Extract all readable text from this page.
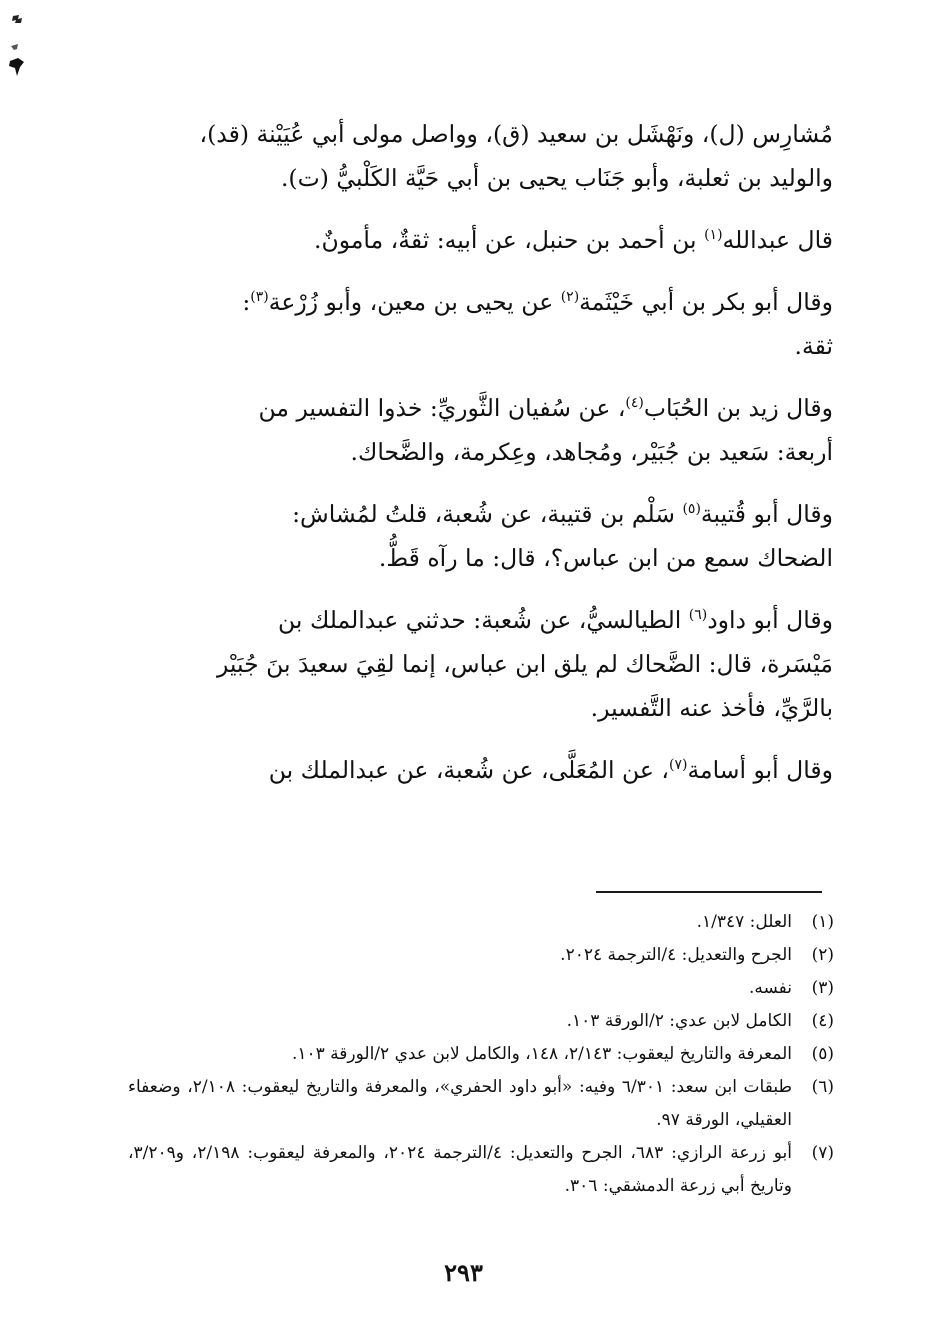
مُشارِس (ل)، ونَهْشَل بن سعيد (ق)، وواصل مولى أبي عُيَيْنة (قد)،
والوليد بن ثعلبة، وأبو جَنَاب يحيى بن أبي حَيَّة الكَلْبيُّ (ت).

قال عبدالله$^{(١)}$ بن أحمد بن حنبل، عن أبيه: ثقةٌ، مأمونٌ.

وقال أبو بكر بن أبي خَيْثَمة$^{(٢)}$ عن يحيى بن معين، وأبو زُرْعة$^{(٣)}$:
ثقة.

وقال زيد بن الحُبَاب$^{(٤)}$، عن سُفيان الثَّوريِّ: خذوا التفسير من
أربعة: سَعيد بن جُبَيْر، ومُجاهد، وعِكرمة، والضَّحاك.

وقال أبو قُتيبة$^{(٥)}$ سَلْم بن قتيبة، عن شُعبة، قلتُ لمُشاش:
الضحاك سمع من ابن عباس؟، قال: ما رآه قَطُّ.

وقال أبو داود$^{(٦)}$ الطيالسيُّ، عن شُعبة: حدثني عبدالملك بن
مَيْسَرة، قال: الضَّحاك لم يلق ابن عباس، إنما لقِيَ سعيدَ بنَ جُبَيْر
بالرَّيِّ، فأخذ عنه التَّفسير.

وقال أبو أسامة$^{(٧)}$، عن المُعَلَّى، عن شُعبة، عن عبدالملك بن

(١)
العلل: ١/٣٤٧.
(٢)
الجرح والتعديل: ٤/الترجمة ٢٠٢٤.
(٣)
نفسه.
(٤)
الكامل لابن عدي: ٢/الورقة ١٠٣.
(٥)
المعرفة والتاريخ ليعقوب: ٢/١٤٣، ١٤٨، والكامل لابن عدي ٢/الورقة ١٠٣.
(٦)
طبقات ابن سعد: ٦/٣٠١ وفيه: «أبو داود الحفري»، والمعرفة والتاريخ ليعقوب: ٢/١٠٨، وضعفاء العقيلي، الورقة ٩٧.
(٧)
أبو زرعة الرازي: ٦٨٣، الجرح والتعديل: ٤/الترجمة ٢٠٢٤، والمعرفة ليعقوب: ٢/١٩٨، و٣/٢٠٩، وتاريخ أبي زرعة الدمشقي: ٣٠٦.
٢٩٣
